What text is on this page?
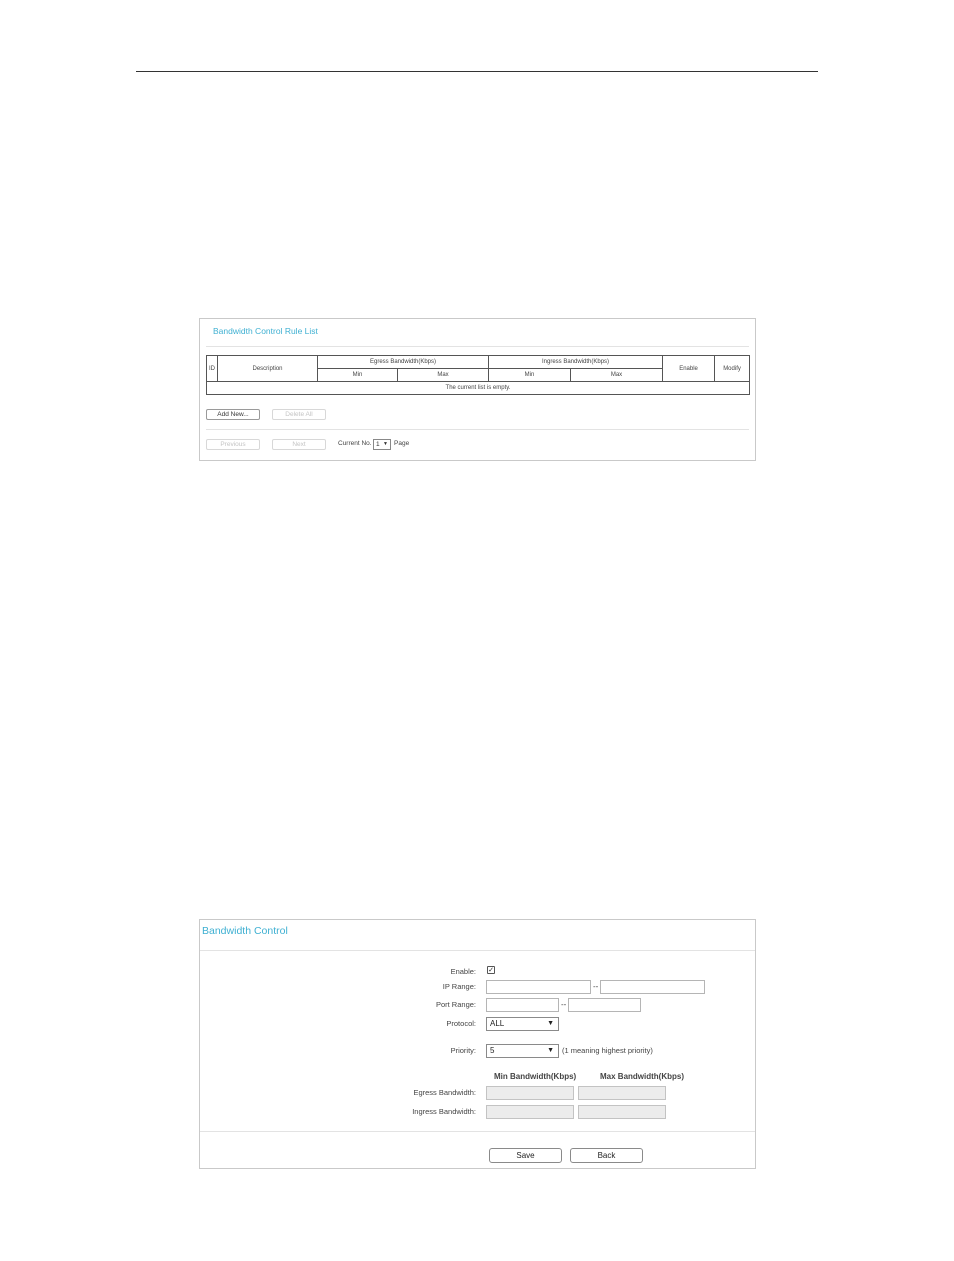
Bandwidth Control Rule List
ID	Description	Egress Bandwidth(Kbps)		Ingress Bandwidth(Kbps)		Enable	Modify
		Min	Max	Min	Max		
The current list is empty.							
Add New...	Delete All
Previous	Next	Current No. 1 ▼ Page
Bandwidth Control
Enable: ✓
IP Range:	--
Port Range:	--
Protocol:	ALL	▼
Priority:	5	▼ (1 meaning highest priority)
Min Bandwidth(Kbps)	Max Bandwidth(Kbps)
Egress Bandwidth:
Ingress Bandwidth:
Save	Back
